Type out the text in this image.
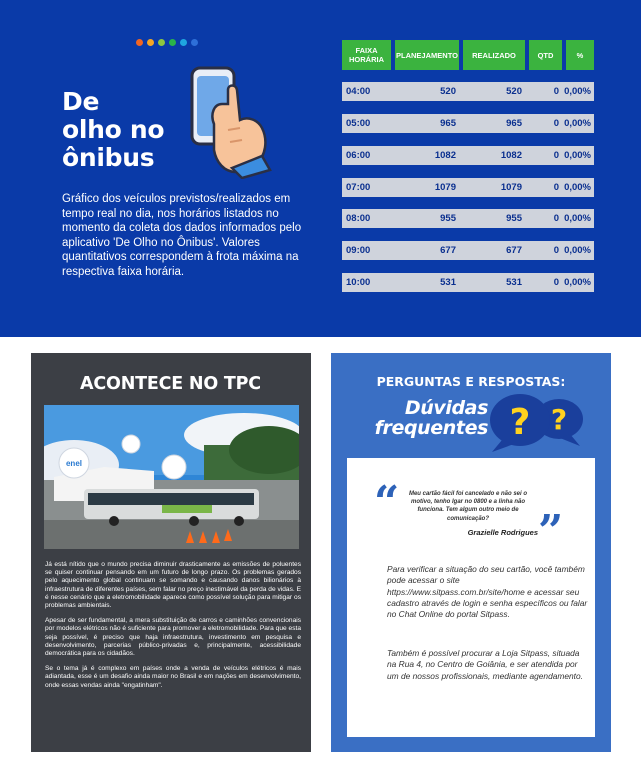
De
olho no
ônibus
Gráfico dos veículos previstos/realizados em tempo real no dia, nos horários listados no momento da coleta dos dados informados pelo aplicativo 'De Olho no Ônibus'. Valores quantitativos correspondem à frota máxima na respectiva faixa horária.
FAIXA
HORÁRIA	PLANEJAMENTO	REALIZADO	QTD	%
04:00	520	520	0 0,00%
05:00	965	965	0 0,00%
06:00	1082	1082	0 0,00%
07:00	1079	1079	0 0,00%
08:00	955	955	0 0,00%
09:00	677	677	0 0,00%
10:00	531	531	0 0,00%
ACONTECE NO TPC
enel

Já está nítido que o mundo precisa diminuir drasticamente as emissões de poluentes se quiser continuar pensando em um futuro de longo prazo. Os problemas gerados pelo aquecimento global continuam se somando e causando danos bilionários à infraestrutura de diferentes países, sem falar no preço inestimável da perda de vidas. E é nesse cenário que a eletromobilidade aparece como possível solução para mitigar os problemas ambientais.

Apesar de ser fundamental, a mera substituição de carros e caminhões convencionais por modelos elétricos não é suficiente para promover a eletromobilidade. Para que esta seja possível, é preciso que haja infraestrutura, investimento em pesquisa e desenvolvimento, parcerias público-privadas e, principalmente, acessibilidade democrática para os cidadãos.

Se o tema já é complexo em países onde a venda de veículos elétricos é mais adiantada, esse é um desafio ainda maior no Brasil e em nações em desenvolvimento, onde essas vendas ainda "engatinham".

PERGUNTAS E RESPOSTAS:
Dúvidas
frequentes ?
?
“	Meu cartão fácil foi cancelado e não sei o motivo, tenho lgar no 0800 e a linha não funciona. Tem algum outro meio de comunicação?
Grazielle Rodrigues ”
Para verificar a situação do seu cartão, você também pode acessar o site https://www.sitpass.com.br/site/home e acessar seu cadastro através de login e senha específicos ou falar no Chat Online do portal Sitpass.
Também é possível procurar a Loja Sitpass, situada na Rua 4, no Centro de Goiânia, e ser atendida por um de nossos profissionais, mediante agendamento.
